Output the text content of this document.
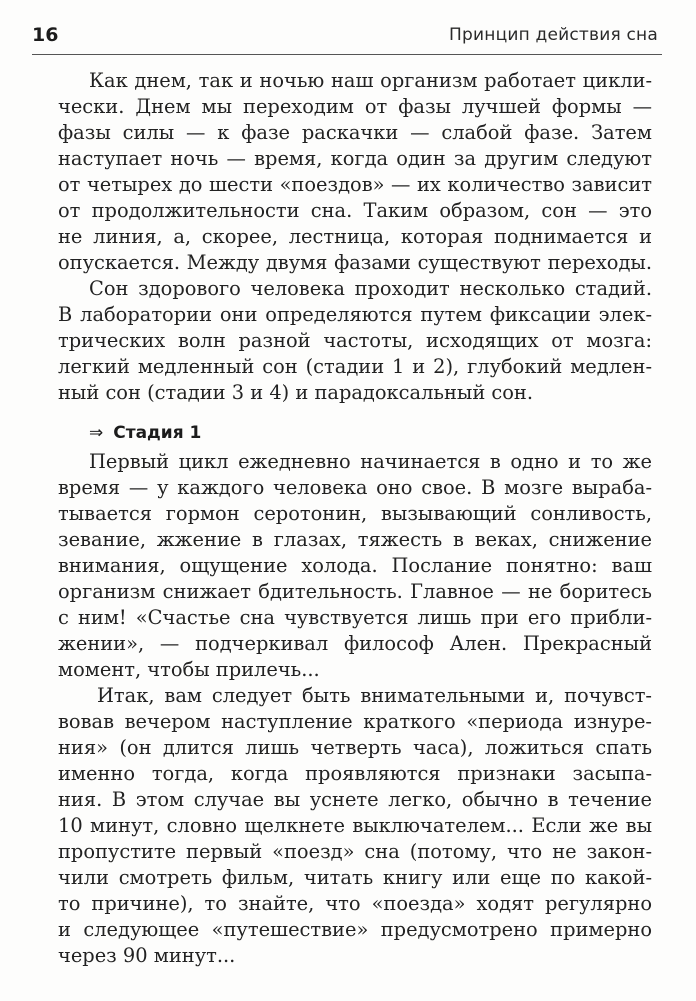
16	Принцип действия сна
Как днем, так и ночью наш организм работает цикли-
чески. Днем мы переходим от фазы лучшей формы —
фазы силы — к фазе раскачки — слабой фазе. Затем
наступает ночь — время, когда один за другим следуют
от четырех до шести «поездов» — их количество зависит
от продолжительности сна. Таким образом, сон — это
не линия, а, скорее, лестница, которая поднимается и
опускается. Между двумя фазами существуют переходы.
Сон здорового человека проходит несколько стадий.
В лаборатории они определяются путем фиксации элек-
трических волн разной частоты, исходящих от мозга:
легкий медленный сон (стадии 1 и 2), глубокий медлен-
ный сон (стадии 3 и 4) и парадоксальный сон.
⇒ Стадия 1
Первый цикл ежедневно начинается в одно и то же
время — у каждого человека оно свое. В мозге выраба-
тывается гормон серотонин, вызывающий сонливость,
зевание, жжение в глазах, тяжесть в веках, снижение
внимания, ощущение холода. Послание понятно: ваш
организм снижает бдительность. Главное — не боритесь
с ним! «Счастье сна чувствуется лишь при его прибли-
жении», — подчеркивал философ Ален. Прекрасный
момент, чтобы прилечь...
Итак, вам следует быть внимательными и, почувст-
вовав вечером наступление краткого «периода изнуре-
ния» (он длится лишь четверть часа), ложиться спать
именно тогда, когда проявляются признаки засыпа-
ния. В этом случае вы уснете легко, обычно в течение
10 минут, словно щелкнете выключателем... Если же вы
пропустите первый «поезд» сна (потому, что не закон-
чили смотреть фильм, читать книгу или еще по какой-
то причине), то знайте, что «поезда» ходят регулярно
и следующее «путешествие» предусмотрено примерно
через 90 минут...
